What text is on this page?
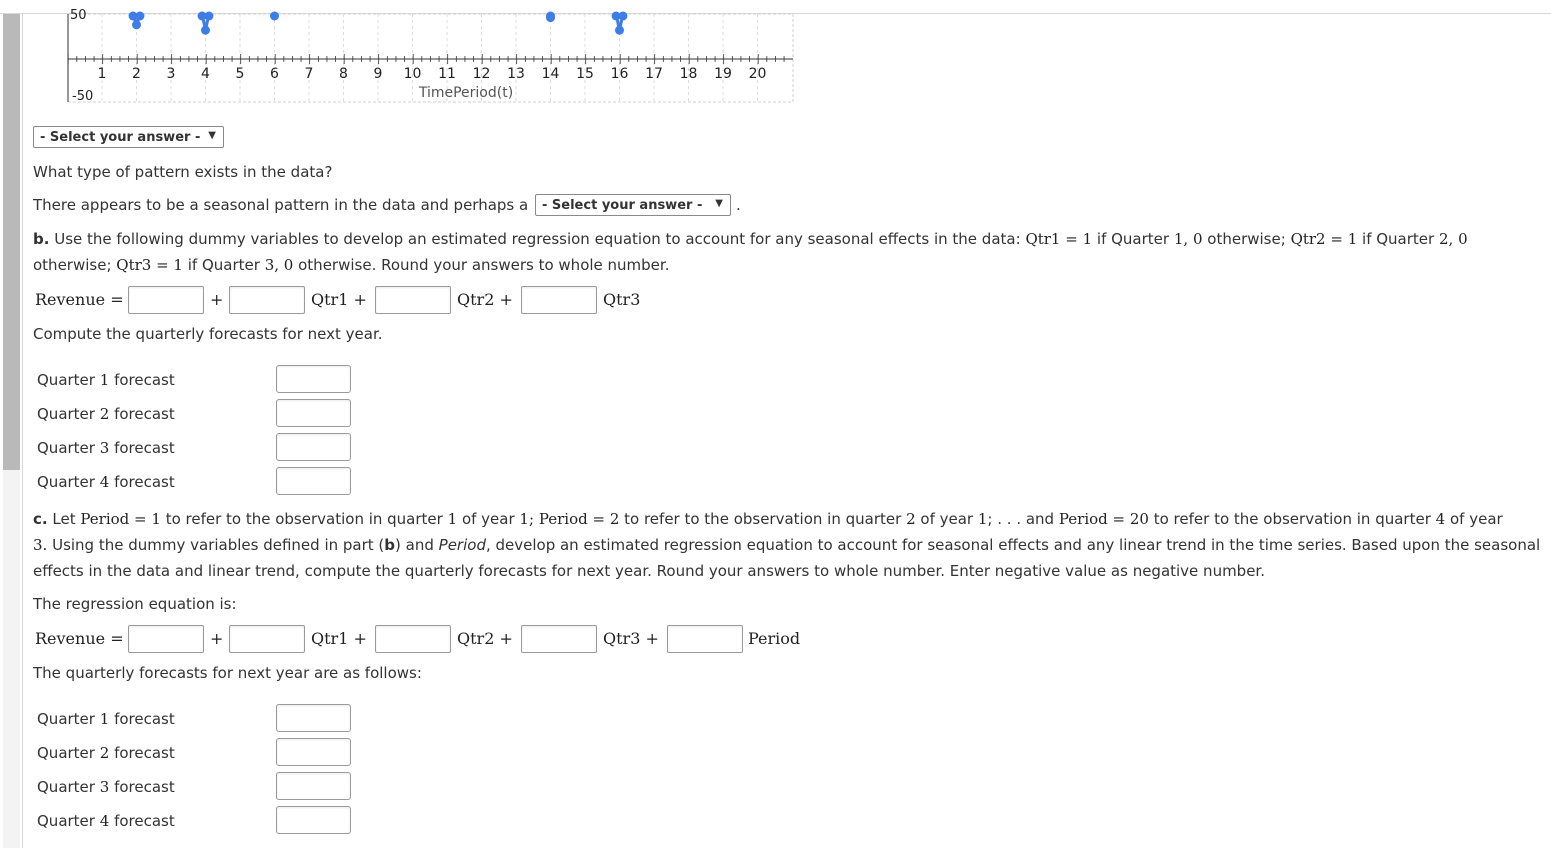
1 2 3 4 5 6 7 8 9 10 11 12 13 14 15 16 17 18 19 20
50
-50	TimePeriod(t)
- Select your answer - ▼
What type of pattern exists in the data?
There appears to be a seasonal pattern in the data and perhaps a	- Select your answer - ▼ .
b. Use the following dummy variables to develop an estimated regression equation to account for any seasonal effects in the data: Qtr1 = 1 if Quarter 1, 0 otherwise; Qtr2 = 1 if Quarter 2, 0
otherwise; Qtr3 = 1 if Quarter 3, 0 otherwise. Round your answers to whole number.
Revenue =	+	Qtr1 +	Qtr2 +	Qtr3
Compute the quarterly forecasts for next year.
Quarter 1 forecast
Quarter 2 forecast
Quarter 3 forecast
Quarter 4 forecast
c. Let Period = 1 to refer to the observation in quarter 1 of year 1; Period = 2 to refer to the observation in quarter 2 of year 1; . . . and Period = 20 to refer to the observation in quarter 4 of year
3. Using the dummy variables defined in part (b) and Period, develop an estimated regression equation to account for seasonal effects and any linear trend in the time series. Based upon the seasonal
effects in the data and linear trend, compute the quarterly forecasts for next year. Round your answers to whole number. Enter negative value as negative number.
The regression equation is:
Revenue =	+	Qtr1 +	Qtr2 +	Qtr3 +	Period
The quarterly forecasts for next year are as follows:
Quarter 1 forecast
Quarter 2 forecast
Quarter 3 forecast
Quarter 4 forecast
